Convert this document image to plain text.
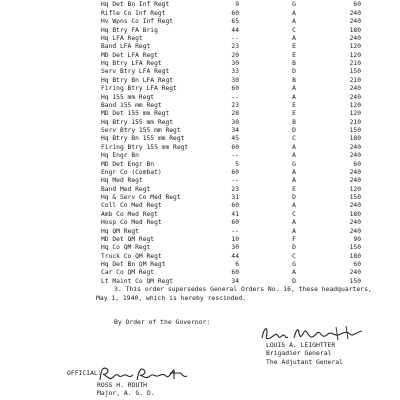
Hq Det Bn Inf Regt	9	G	60
Rifle Co Inf Regt	60	A	240
Hv Wpns Co Inf Regt	65	A	240
Hq Btry FA Brig	44	C	180
Hq LFA Regt	--	A	240
Band LFA Regt	23	E	120
MD Det LFA Regt	20	E	120
Hq Btry LFA Regt	30	B	210
Serv Btry LFA Regt	33	D	150
Hq Btry Bn LFA Regt	30	B	210
Firing Btry LFA Regt	60	A	240
Hq 155 mm Regt	--	A	240
Band 155 mm Regt	23	E	120
MD Det 155 mm Regt	28	E	120
Hq Btry 155 mm Regt	30	B	210
Serv Btry 155 mm Regt	34	D	150
Hq Btry Bn 155 mm Regt	45	C	180
Firing Btry 155 mm Regt	60	A	240
Hq Engr Bn	--	A	240
MD Det Engr Bn	5	G	60
Engr Co (Combat)	60	A	240
Hq Med Regt	--	A	240
Band Med Regt	23	E	120
Hq & Serv Co Med Regt	31	D	150
Coll Co Med Regt	60	A	240
Amb Co Med Regt	41	C	180
Hosp Co Med Regt	60	A	240
Hq QM Regt	--	A	240
MD Det QM Regt	10	F	90
Hq Co QM Regt	30	D	150
Truck Co QM Regt	44	C	180
Hq Det Bn QM Regt	6	G	60
Car Co QM Regt	60	A	240
Lt Maint Co QM Regt	34	D	150
3. This order supersedes General Orders No. 16, these headquarters,
May 1, 1940, which is hereby rescinded.
By Order of the Governor:
LOUIS A. LEIGHTTER
Brigadier General
The Adjutant General
OFFICIAL:
ROSS H. ROUTH
Major, A. G. D.
